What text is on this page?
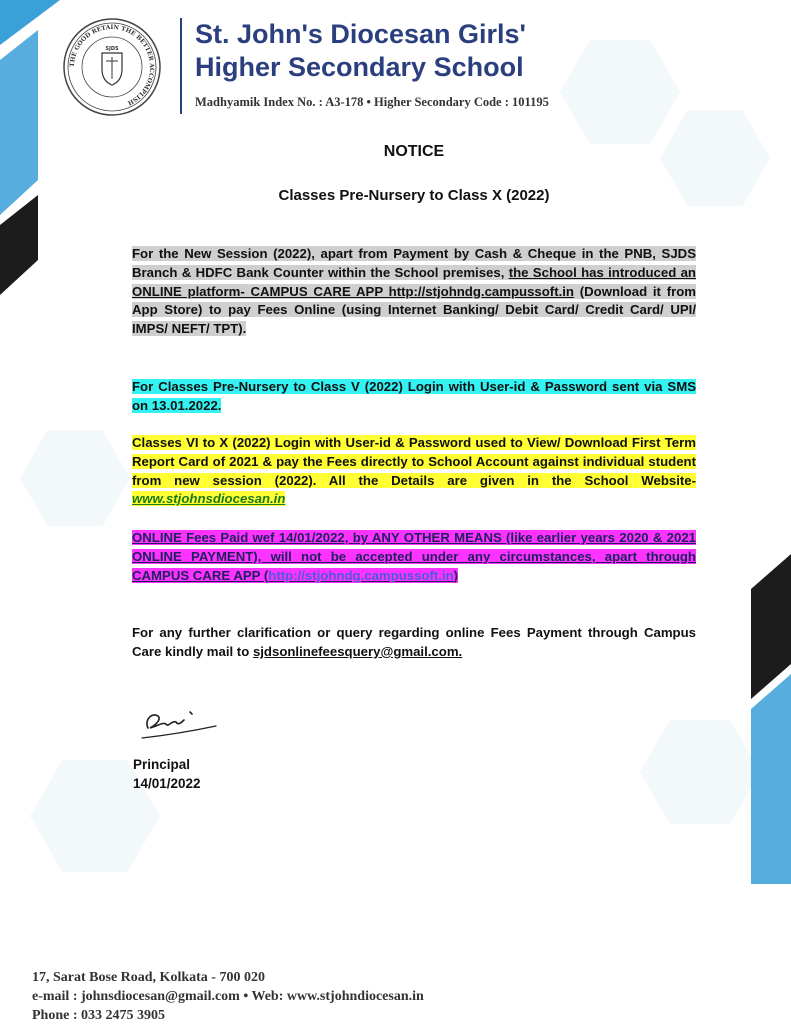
THE GOOD RETAIN THE BETTER ACCOMPLISH
SJDS	St. John's Diocesan Girls'
Higher Secondary School
Madhyamik Index No. : A3-178 • Higher Secondary Code : 101195
NOTICE
Classes Pre-Nursery to Class X (2022)
For the New Session (2022), apart from Payment by Cash & Cheque in the PNB, SJDS Branch & HDFC Bank Counter within the School premises, the School has introduced an ONLINE platform- CAMPUS CARE APP http://stjohndg.campussoft.in (Download it from App Store) to pay Fees Online (using Internet Banking/ Debit Card/ Credit Card/ UPI/ IMPS/ NEFT/ TPT).
For Classes Pre-Nursery to Class V (2022) Login with User-id & Password sent via SMS on 13.01.2022.
Classes VI to X (2022) Login with User-id & Password used to View/ Download First Term Report Card of 2021 & pay the Fees directly to School Account against individual student from new session (2022). All the Details are given in the School Website- www.stjohnsdiocesan.in
ONLINE Fees Paid wef 14/01/2022, by ANY OTHER MEANS (like earlier years 2020 & 2021 ONLINE PAYMENT), will not be accepted under any circumstances, apart through CAMPUS CARE APP (http://stjohndg.campussoft.in)
For any further clarification or query regarding online Fees Payment through Campus Care kindly mail to sjdsonlinefeesquery@gmail.com.
Principal
14/01/2022
17, Sarat Bose Road, Kolkata - 700 020
e-mail : johnsdiocesan@gmail.com • Web: www.stjohndiocesan.in
Phone : 033 2475 3905
